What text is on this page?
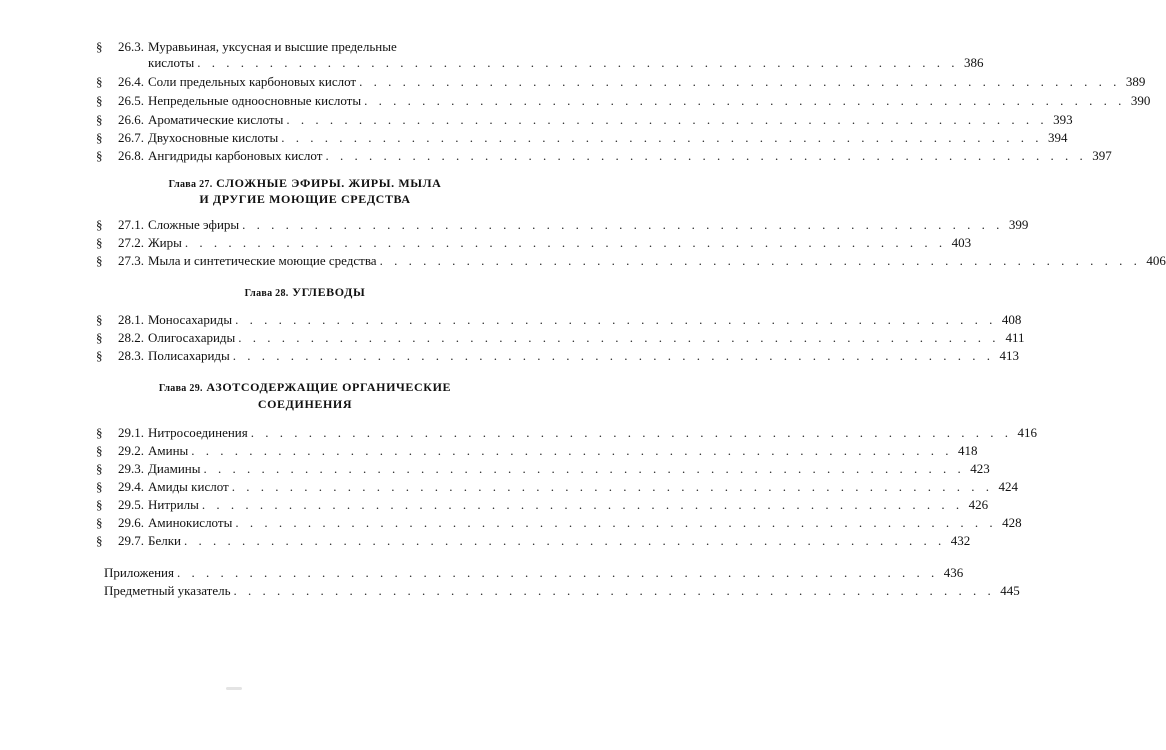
§	26.3. Муравьиная, уксусная и высшие предельные
кислоты . . .	386
§	26.4. Соли предельных карбоновых кислот . . .	389
§	26.5. Непредельные одноосновные кислоты . . .	390
§	26.6. Ароматические кислоты . . .	393
§	26.7. Двухосновные кислоты . . .	394
§	26.8. Ангидриды карбоновых кислот . . .	397
Глава 27. СЛОЖНЫЕ ЭФИРЫ. ЖИРЫ. МЫЛА
И ДРУГИЕ МОЮЩИЕ СРЕДСТВА
§	27.1. Сложные эфиры . . .	399
§	27.2. Жиры . . .	403
§	27.3. Мыла и синтетические моющие средства . . .	406
Глава 28. УГЛЕВОДЫ
§	28.1. Моносахариды . . .	408
§	28.2. Олигосахариды . . .	411
§	28.3. Полисахариды . . .	413
Глава 29. АЗОТСОДЕРЖАЩИЕ ОРГАНИЧЕСКИЕ
СОЕДИНЕНИЯ
§	29.1. Нитросоединения . . .	416
§	29.2. Амины . . .	418
§	29.3. Диамины . . .	423
§	29.4. Амиды кислот . . .	424
§	29.5. Нитрилы . . .	426
§	29.6. Аминокислоты . . .	428
§	29.7. Белки . . .	432
Приложения . . .	436
Предметный указатель . . .	445
